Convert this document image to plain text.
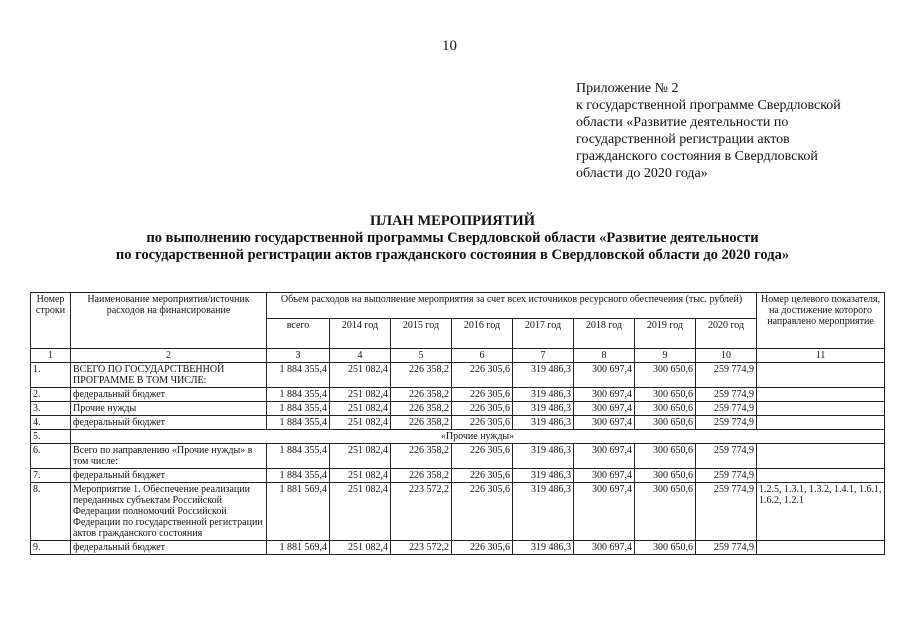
10
Приложение № 2
к государственной программе Свердловской
области «Развитие деятельности по
государственной регистрации актов
гражданского состояния в Свердловской
области до 2020 года»
ПЛАН МЕРОПРИЯТИЙ
по выполнению государственной программы Свердловской области «Развитие деятельности
по государственной регистрации актов гражданского состояния в Свердловской области до 2020 года»
Номер строки	Наименование мероприятия/источник расходов на финансирование	Объем расходов на выполнение мероприятия за счет всех источников ресурсного обеспечения (тыс. рублей)								Номер целевого показателя, на достижение которого направлено мероприятие
		всего	2014 год	2015 год	2016 год	2017 год	2018 год	2019 год	2020 год	
1	2	3	4	5	6	7	8	9	10	11
1.	ВСЕГО ПО ГОСУДАРСТВЕННОЙ ПРОГРАММЕ В ТОМ ЧИСЛЕ:	1 884 355,4	251 082,4	226 358,2	226 305,6	319 486,3	300 697,4	300 650,6	259 774,9	
2.	федеральный бюджет	1 884 355,4	251 082,4	226 358,2	226 305,6	319 486,3	300 697,4	300 650,6	259 774,9	
3.	Прочие нужды	1 884 355,4	251 082,4	226 358,2	226 305,6	319 486,3	300 697,4	300 650,6	259 774,9	
4.	федеральный бюджет	1 884 355,4	251 082,4	226 358,2	226 305,6	319 486,3	300 697,4	300 650,6	259 774,9	
5.	«Прочие нужды»									
6.	Всего по направлению «Прочие нужды» в том числе:	1 884 355,4	251 082,4	226 358,2	226 305,6	319 486,3	300 697,4	300 650,6	259 774,9	
7.	федеральный бюджет	1 884 355,4	251 082,4	226 358,2	226 305,6	319 486,3	300 697,4	300 650,6	259 774,9	
8.	Мероприятие 1. Обеспечение реализации переданных субъектам Российской Федерации полномочий Российской Федерации по государственной регистрации актов гражданского состояния	1 881 569,4	251 082,4	223 572,2	226 305,6	319 486,3	300 697,4	300 650,6	259 774,9	1.2.5, 1.3.1, 1.3.2, 1.4.1, 1.6.1, 1.6.2, 1.2.1
9.	федеральный бюджет	1 881 569,4	251 082,4	223 572,2	226 305,6	319 486,3	300 697,4	300 650,6	259 774,9	
